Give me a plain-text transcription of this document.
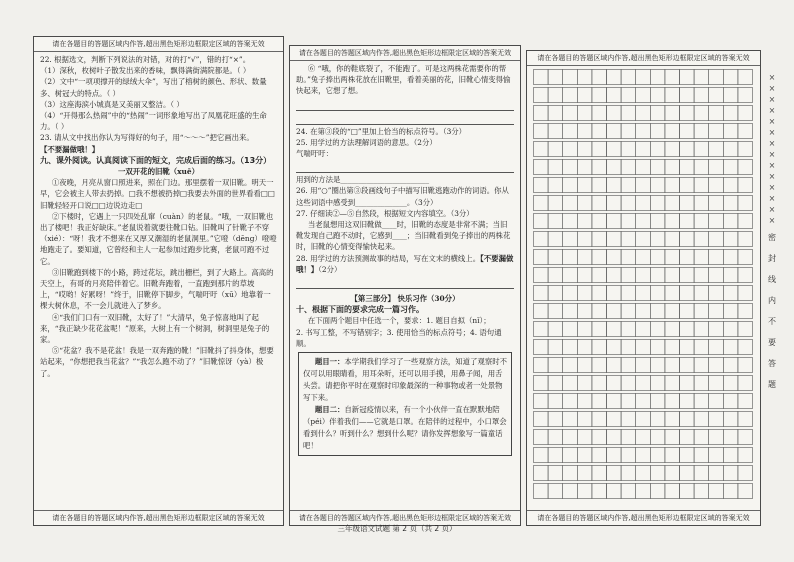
请在各题目的答题区域内作答,超出黑色矩形边框限定区域的答案无效

22. 根据选文，判断下列说法的对错，对的打“√”，错的打“×”。

（1）深秋，枚树叶子散发出来的香味，飘得满街满院都是。（ ）

（2）文中“一项项撑开的绿绒大伞”，写出了榕树的颜色、形状、数量多、树冠大的特点。（ ）

（3）这座海滨小城真是又美丽又整洁。（ ）

（4）“开得那么热闹”中的“热闹”一词形象地写出了凤凰花旺盛的生命力。（ ）

23. 请从文中找出你认为写得好的句子，用“～～～”把它画出来。
【不要漏做哦！】

九、课外阅读。认真阅读下面的短文，完成后面的练习。（13分）

一双开花的旧靴（xuē）

①夜晚，月亮从窗口照进来，照在门边。那里摆着一双旧靴。明天一早，它会被主人带去扔掉。□我不想被扔掉□我要去外面的世界看看□□旧靴轻轻开口说□□边说边走□

②下楼时，它遇上一只四处乱窜（cuàn）的老鼠。“哦，一双旧靴也出了楼吧！我正好缺床。”老鼠说着就要往靴口钻。旧靴叫了针靴子不穿（xié）：“呀！我才不想来在又厚又潮湿的老鼠洞里。”它噔（dēng）噔噔地跑走了。要知道，它曾经和主人一起参加过跑步比赛，老鼠可跑不过它。

③旧靴跑到楼下的小路，跨过花坛，跳出栅栏，到了大路上。高高的天空上，有哥的月亮陪伴着它。旧靴奔跑着，一直跑到那片的草坡上，“哎哟！好累呀！”终于，旧靴停下脚步，气喘吁吁（xū）地靠着一棵大树休息，不一会儿就进入了梦乡。

④“我们门口有一双旧靴，太好了！”大清早，兔子惊喜地叫了起来，“我正缺少花花盆呢！”原来，大树上有一个树洞，树洞里是兔子的家。

⑤“花盆？我不是花盆！我是一双奔跑的靴！”旧靴抖了抖身体，想要站起来，“你想把我当花盆？”“我怎么跑不动了？”旧靴惊讶（yà）极了。

请在各题目的答题区域内作答,超出黑色矩形边框限定区域的答案无效
请在各题目的答题区域内作答,超出黑色矩形边框限定区域的答案无效

⑥ “哦，你的鞋底裂了，不能跑了。可是这两株花需要你的帮助。”兔子捧出两株花放在旧靴里，看着美丽的花，旧靴心情变得愉快起来，它想了想。

24. 在第③段的“□”里加上恰当的标点符号。（3分）

25. 用学过的方法理解词语的意思。（2分）

气喘吁吁：

用到的方法是________________________

26. 用“○”圈出第③段画线句子中描写旧靴逃跑动作的词语。你从这些词语中感受到______________。（3分）

27. 仔细读②—⑤自然段，根据短文内容填空。（3分）

当老鼠想用这双旧靴做____时，旧靴的态度是非常不满；当旧靴发现自己跑不动时，它感到____；当旧靴看到兔子捧出的两株花时，旧靴的心情变得愉快起来。

28. 用学过的方法预测故事的结局，写在文末的横线上。【不要漏做哦！】（2分）

【第三部分】 快乐习作（30分）

十、根据下面的要求完成一篇习作。

在下面两个题目中任选一个，要求：1. 题目自拟（nǐ）；

2. 书写工整，不写错别字；3. 使用恰当的标点符号；4. 语句通顺。

题目一：本学期我们学习了一些观察方法，知道了观察时不仅可以用眼睛看，用耳朵听，还可以用手摸，用鼻子闻，用舌头尝。请把你平时在观察时印象最深的一种事物或者一处景物写下来。

题目二：自新冠疫情以来，有一个小伙伴一直在默默地陪（péi）伴着我们——它就是口罩。在陪伴的过程中，小口罩会看到什么？听到什么？想到什么呢？请你发挥想象写一篇童话吧！

请在各题目的答题区域内作答,超出黑色矩形边框限定区域的答案无效
请在各题目的答题区域内作答,超出黑色矩形边框限定区域的答案无效
请在各题目的答题区域内作答,超出黑色矩形边框限定区域的答案无效
×
×
×
×
×
×
×
×
×
×
×
×
×
×
密
封
线
内
不
要
答
题
三年级语文试题 第 2 页（共 2 页）
